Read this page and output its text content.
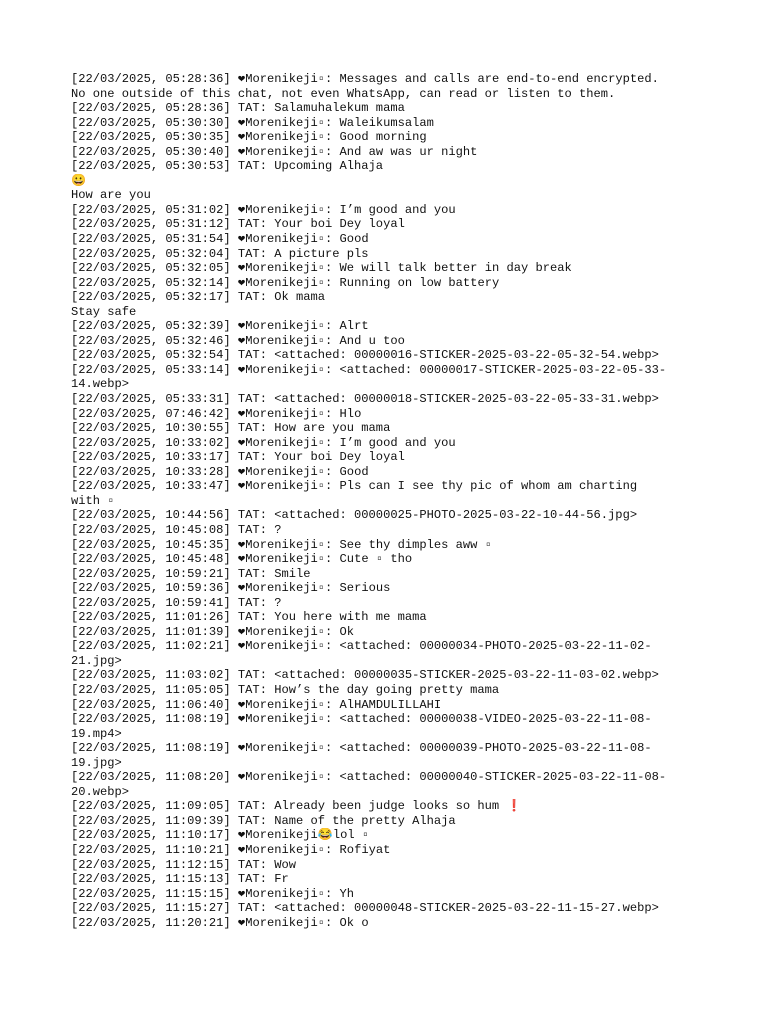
[22/03/2025, 05:28:36] ❤Morenikeji▫: Messages and calls are end-to-end encrypted.
No one outside of this chat, not even WhatsApp, can read or listen to them.
[22/03/2025, 05:28:36] TAT: Salamuhalekum mama
[22/03/2025, 05:30:30] ❤Morenikeji▫: Waleikumsalam
[22/03/2025, 05:30:35] ❤Morenikeji▫: Good morning
[22/03/2025, 05:30:40] ❤Morenikeji▫: And aw was ur night
[22/03/2025, 05:30:53] TAT: Upcoming Alhaja
😀
How are you
[22/03/2025, 05:31:02] ❤Morenikeji▫: I’m good and you
[22/03/2025, 05:31:12] TAT: Your boi Dey loyal
[22/03/2025, 05:31:54] ❤Morenikeji▫: Good
[22/03/2025, 05:32:04] TAT: A picture pls
[22/03/2025, 05:32:05] ❤Morenikeji▫: We will talk better in day break
[22/03/2025, 05:32:14] ❤Morenikeji▫: Running on low battery
[22/03/2025, 05:32:17] TAT: Ok mama
Stay safe
[22/03/2025, 05:32:39] ❤Morenikeji▫: Alrt
[22/03/2025, 05:32:46] ❤Morenikeji▫: And u too
[22/03/2025, 05:32:54] TAT: <attached: 00000016-STICKER-2025-03-22-05-32-54.webp>
[22/03/2025, 05:33:14] ❤Morenikeji▫: <attached: 00000017-STICKER-2025-03-22-05-33-
14.webp>
[22/03/2025, 05:33:31] TAT: <attached: 00000018-STICKER-2025-03-22-05-33-31.webp>
[22/03/2025, 07:46:42] ❤Morenikeji▫: Hlo
[22/03/2025, 10:30:55] TAT: How are you mama
[22/03/2025, 10:33:02] ❤Morenikeji▫: I’m good and you
[22/03/2025, 10:33:17] TAT: Your boi Dey loyal
[22/03/2025, 10:33:28] ❤Morenikeji▫: Good
[22/03/2025, 10:33:47] ❤Morenikeji▫: Pls can I see thy pic of whom am charting
with ▫
[22/03/2025, 10:44:56] TAT: <attached: 00000025-PHOTO-2025-03-22-10-44-56.jpg>
[22/03/2025, 10:45:08] TAT: ?
[22/03/2025, 10:45:35] ❤Morenikeji▫: See thy dimples aww ▫
[22/03/2025, 10:45:48] ❤Morenikeji▫: Cute ▫ tho
[22/03/2025, 10:59:21] TAT: Smile
[22/03/2025, 10:59:36] ❤Morenikeji▫: Serious
[22/03/2025, 10:59:41] TAT: ?
[22/03/2025, 11:01:26] TAT: You here with me mama
[22/03/2025, 11:01:39] ❤Morenikeji▫: Ok
[22/03/2025, 11:02:21] ❤Morenikeji▫: <attached: 00000034-PHOTO-2025-03-22-11-02-
21.jpg>
[22/03/2025, 11:03:02] TAT: <attached: 00000035-STICKER-2025-03-22-11-03-02.webp>
[22/03/2025, 11:05:05] TAT: How’s the day going pretty mama
[22/03/2025, 11:06:40] ❤Morenikeji▫: AlHAMDULILLAHI
[22/03/2025, 11:08:19] ❤Morenikeji▫: <attached: 00000038-VIDEO-2025-03-22-11-08-
19.mp4>
[22/03/2025, 11:08:19] ❤Morenikeji▫: <attached: 00000039-PHOTO-2025-03-22-11-08-
19.jpg>
[22/03/2025, 11:08:20] ❤Morenikeji▫: <attached: 00000040-STICKER-2025-03-22-11-08-
20.webp>
[22/03/2025, 11:09:05] TAT: Already been judge looks so hum ❗
[22/03/2025, 11:09:39] TAT: Name of the pretty Alhaja
[22/03/2025, 11:10:17] ❤Morenikeji😂lol ▫
[22/03/2025, 11:10:21] ❤Morenikeji▫: Rofiyat
[22/03/2025, 11:12:15] TAT: Wow
[22/03/2025, 11:15:13] TAT: Fr
[22/03/2025, 11:15:15] ❤Morenikeji▫: Yh
[22/03/2025, 11:15:27] TAT: <attached: 00000048-STICKER-2025-03-22-11-15-27.webp>
[22/03/2025, 11:20:21] ❤Morenikeji▫: Ok o
